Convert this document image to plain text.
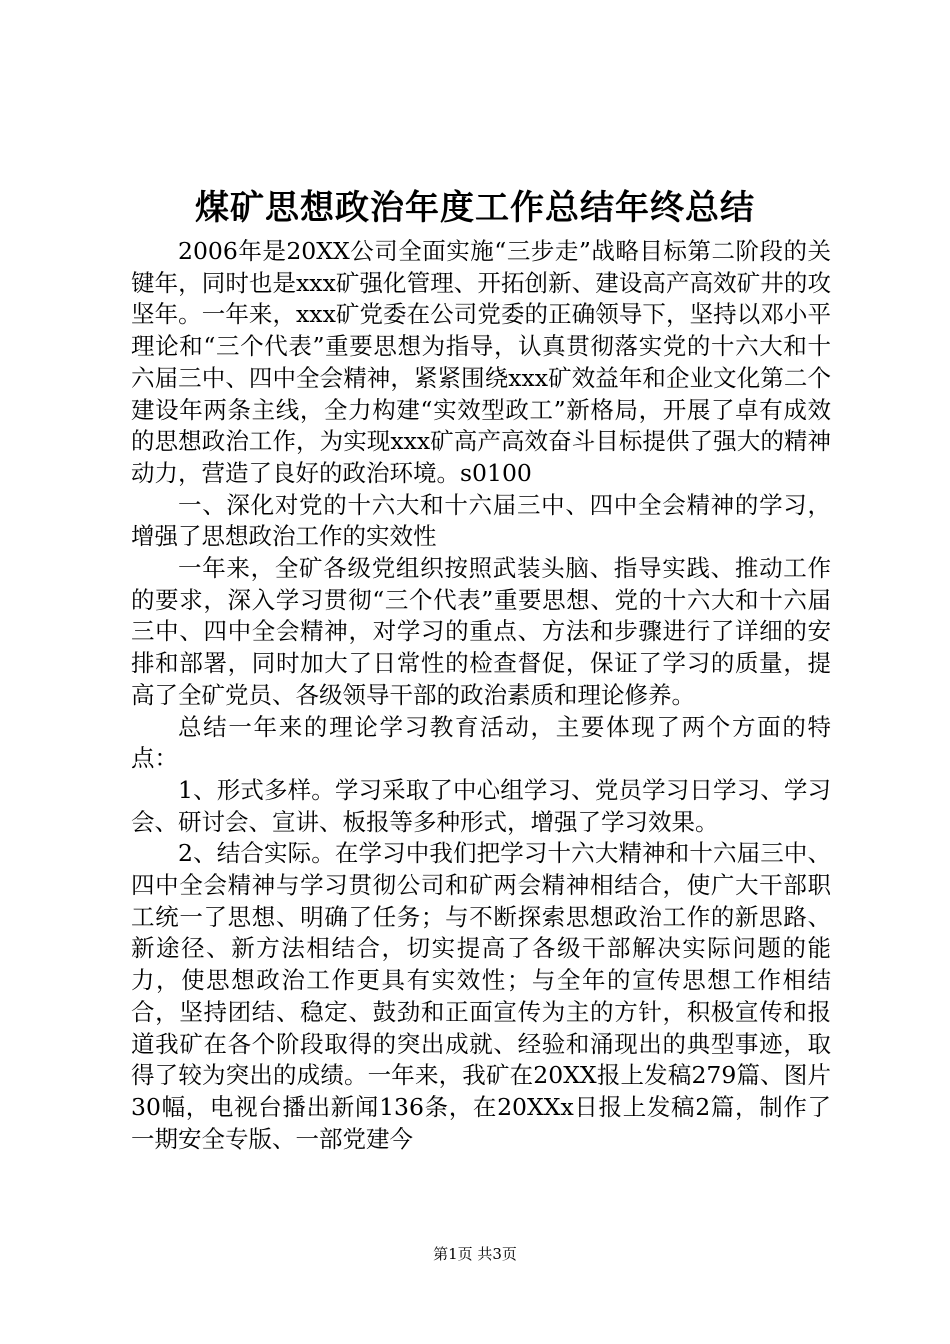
煤矿思想政治年度工作总结年终总结

2006年是20XX公司全面实施“三步走”战略目标第二阶段的关键年，同时也是xxx矿强化管理、开拓创新、建设高产高效矿井的攻坚年。一年来，xxx矿党委在公司党委的正确领导下，坚持以邓小平理论和“三个代表”重要思想为指导，认真贯彻落实党的十六大和十六届三中、四中全会精神，紧紧围绕xxx矿效益年和企业文化第二个建设年两条主线，全力构建“实效型政工”新格局，开展了卓有成效的思想政治工作，为实现xxx矿高产高效奋斗目标提供了强大的精神动力，营造了良好的政治环境。s0100

一、深化对党的十六大和十六届三中、四中全会精神的学习，增强了思想政治工作的实效性

一年来，全矿各级党组织按照武装头脑、指导实践、推动工作的要求，深入学习贯彻“三个代表”重要思想、党的十六大和十六届三中、四中全会精神，对学习的重点、方法和步骤进行了详细的安排和部署，同时加大了日常性的检查督促，保证了学习的质量，提高了全矿党员、各级领导干部的政治素质和理论修养。

总结一年来的理论学习教育活动，主要体现了两个方面的特点：

1、形式多样。学习采取了中心组学习、党员学习日学习、学习会、研讨会、宣讲、板报等多种形式，增强了学习效果。

2、结合实际。在学习中我们把学习十六大精神和十六届三中、四中全会精神与学习贯彻公司和矿两会精神相结合，使广大干部职工统一了思想、明确了任务；与不断探索思想政治工作的新思路、新途径、新方法相结合，切实提高了各级干部解决实际问题的能力，使思想政治工作更具有实效性；与全年的宣传思想工作相结合，坚持团结、稳定、鼓劲和正面宣传为主的方针，积极宣传和报道我矿在各个阶段取得的突出成就、经验和涌现出的典型事迹，取得了较为突出的成绩。一年来，我矿在20XX报上发稿279篇、图片30幅，电视台播出新闻136条，在20XXx日报上发稿2篇，制作了一期安全专版、一部党建今

第1页 共3页
